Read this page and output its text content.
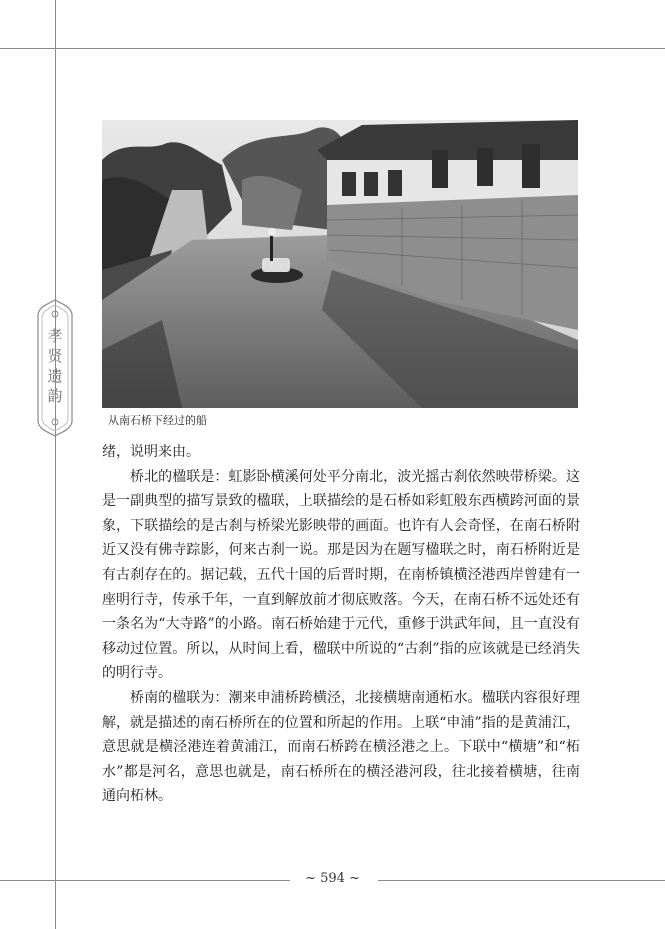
孝
贤
遗
韵
从南石桥下经过的船

绪，说明来由。

桥北的楹联是：虹影卧横溪何处平分南北，波光摇古刹依然映带桥梁。这是一副典型的描写景致的楹联，上联描绘的是石桥如彩虹般东西横跨河面的景象，下联描绘的是古刹与桥梁光影映带的画面。也许有人会奇怪，在南石桥附近又没有佛寺踪影，何来古刹一说。那是因为在题写楹联之时，南石桥附近是有古刹存在的。据记载，五代十国的后晋时期，在南桥镇横泾港西岸曾建有一座明行寺，传承千年，一直到解放前才彻底败落。今天，在南石桥不远处还有一条名为“大寺路”的小路。南石桥始建于元代，重修于洪武年间，且一直没有移动过位置。所以，从时间上看，楹联中所说的“古刹”指的应该就是已经消失的明行寺。

桥南的楹联为：潮来申浦桥跨横泾，北接横塘南通柘水。楹联内容很好理解，就是描述的南石桥所在的位置和所起的作用。上联“申浦”指的是黄浦江，意思就是横泾港连着黄浦江，而南石桥跨在横泾港之上。下联中“横塘”和“柘水”都是河名，意思也就是，南石桥所在的横泾港河段，往北接着横塘，往南通向柘林。

~ 594 ~
